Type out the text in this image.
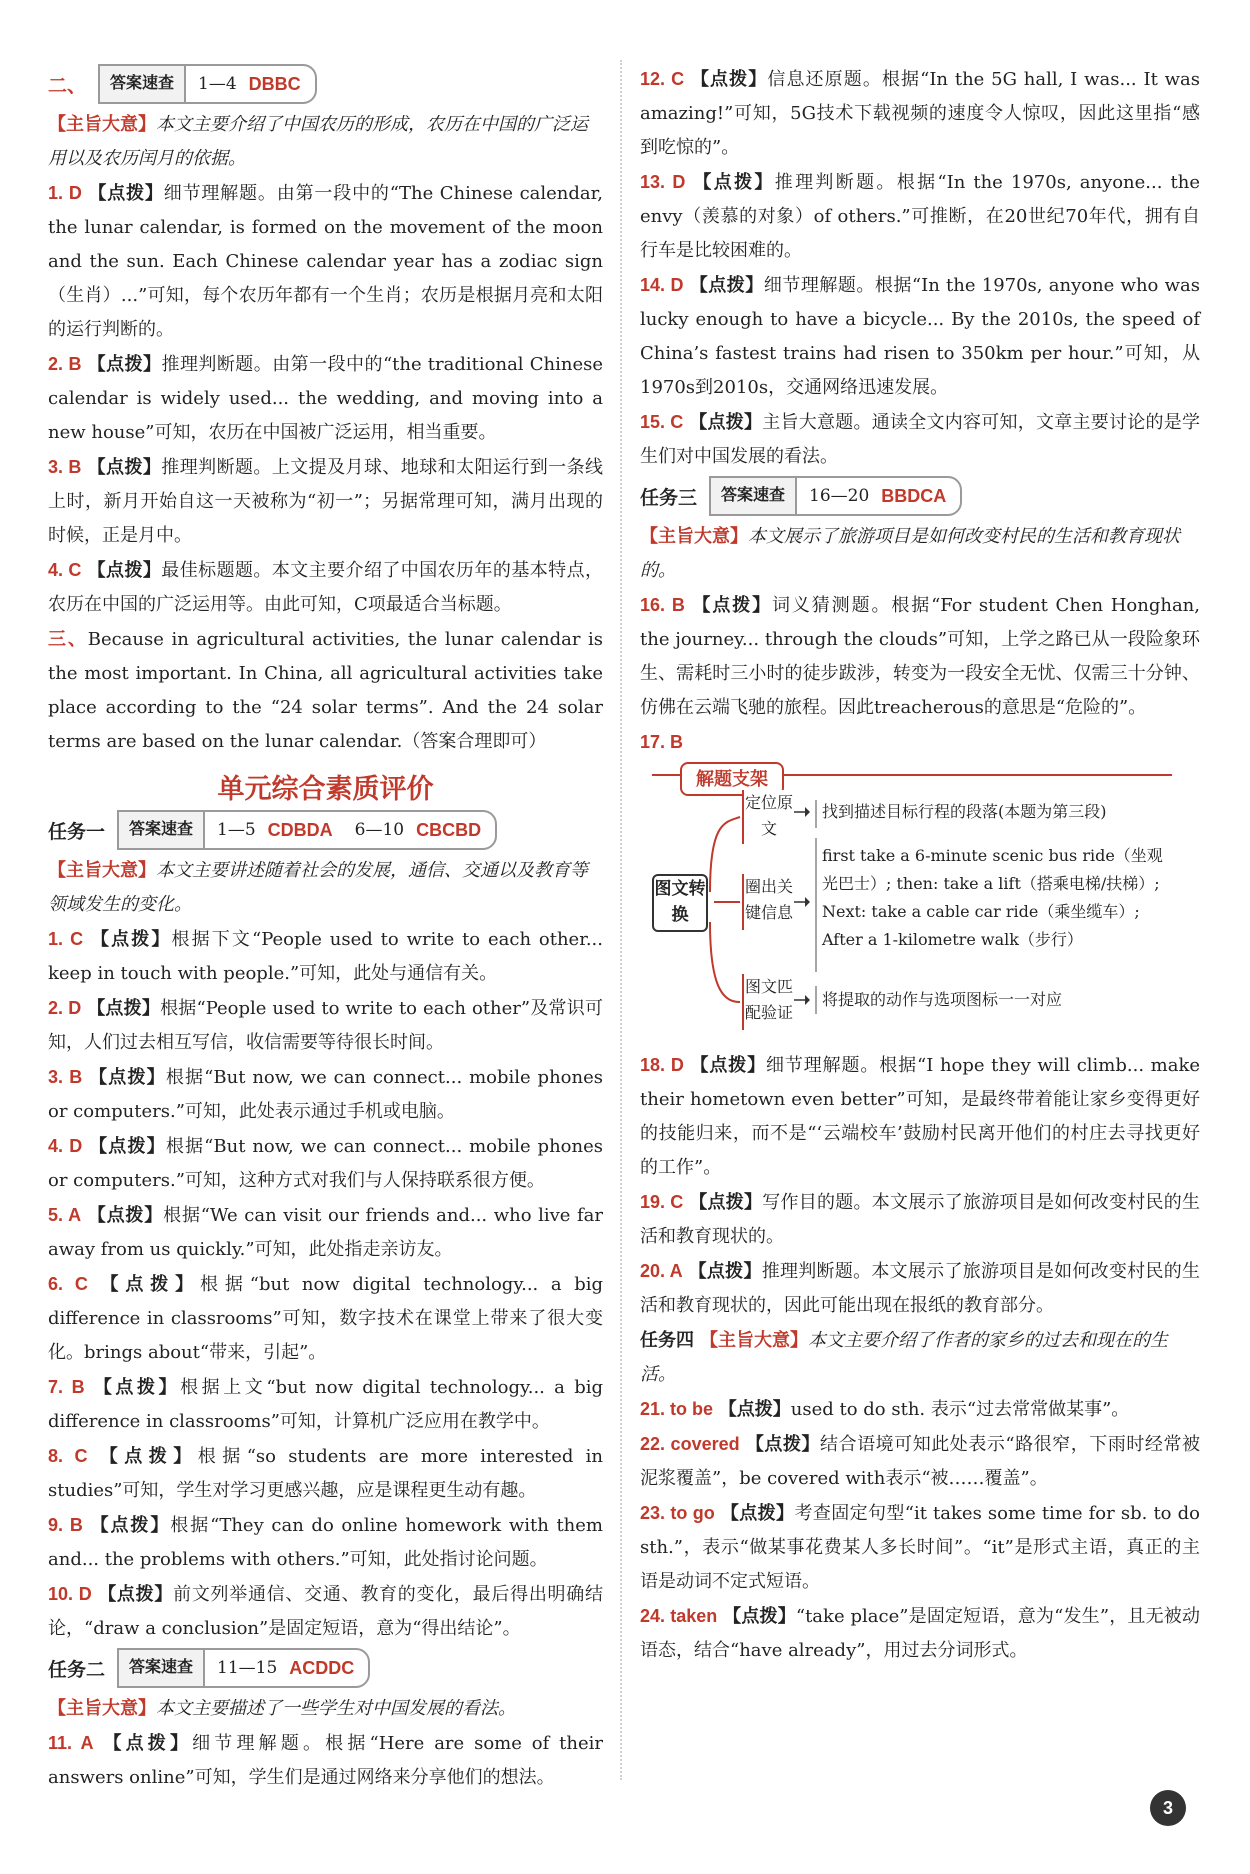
二、	答案速查	1—4 DBBC

【主旨大意】本文主要介绍了中国农历的形成，农历在中国的广泛运用以及农历闰月的依据。

1. D 【点拨】细节理解题。由第一段中的“The Chinese calendar, the lunar calendar, is formed on the movement of the moon and the sun. Each Chinese calendar year has a zodiac sign（生肖）...”可知，每个农历年都有一个生肖；农历是根据月亮和太阳的运行判断的。

2. B 【点拨】推理判断题。由第一段中的“the traditional Chinese calendar is widely used... the wedding, and moving into a new house”可知，农历在中国被广泛运用，相当重要。

3. B 【点拨】推理判断题。上文提及月球、地球和太阳运行到一条线上时，新月开始自这一天被称为“初一”；另据常理可知，满月出现的时候，正是月中。

4. C 【点拨】最佳标题题。本文主要介绍了中国农历年的基本特点，农历在中国的广泛运用等。由此可知，C项最适合当标题。

三、Because in agricultural activities, the lunar calendar is the most important. In China, all agricultural activities take place according to the “24 solar terms”. And the 24 solar terms are based on the lunar calendar.（答案合理即可）

单元综合素质评价
任务一	答案速查	1—5 CDBDA 6—10 CBCBD

【主旨大意】本文主要讲述随着社会的发展，通信、交通以及教育等领域发生的变化。

1. C 【点拨】根据下文“People used to write to each other... keep in touch with people.”可知，此处与通信有关。

2. D 【点拨】根据“People used to write to each other”及常识可知，人们过去相互写信，收信需要等待很长时间。

3. B 【点拨】根据“But now, we can connect... mobile phones or computers.”可知，此处表示通过手机或电脑。

4. D 【点拨】根据“But now, we can connect... mobile phones or computers.”可知，这种方式对我们与人保持联系很方便。

5. A 【点拨】根据“We can visit our friends and... who live far away from us quickly.”可知，此处指走亲访友。

6. C 【点拨】根据“but now digital technology... a big difference in classrooms”可知，数字技术在课堂上带来了很大变化。brings about“带来，引起”。

7. B 【点拨】根据上文“but now digital technology... a big difference in classrooms”可知，计算机广泛应用在教学中。

8. C 【点拨】根据“so students are more interested in studies”可知，学生对学习更感兴趣，应是课程更生动有趣。

9. B 【点拨】根据“They can do online homework with them and... the problems with others.”可知，此处指讨论问题。

10. D 【点拨】前文列举通信、交通、教育的变化，最后得出明确结论，“draw a conclusion”是固定短语，意为“得出结论”。

任务二	答案速查	11—15 ACDDC

【主旨大意】本文主要描述了一些学生对中国发展的看法。

11. A 【点拨】细节理解题。根据“Here are some of their answers online”可知，学生们是通过网络来分享他们的想法。

12. C 【点拨】信息还原题。根据“In the 5G hall, I was... It was amazing!”可知，5G技术下载视频的速度令人惊叹，因此这里指“感到吃惊的”。

13. D 【点拨】推理判断题。根据“In the 1970s, anyone... the envy（羡慕的对象）of others.”可推断，在20世纪70年代，拥有自行车是比较困难的。

14. D 【点拨】细节理解题。根据“In the 1970s, anyone who was lucky enough to have a bicycle... By the 2010s, the speed of China’s fastest trains had risen to 350km per hour.”可知，从1970s到2010s，交通网络迅速发展。

15. C 【点拨】主旨大意题。通读全文内容可知，文章主要讨论的是学生们对中国发展的看法。

任务三	答案速查	16—20 BBDCA

【主旨大意】本文展示了旅游项目是如何改变村民的生活和教育现状的。

16. B 【点拨】词义猜测题。根据“For student Chen Honghan, the journey... through the clouds”可知，上学之路已从一段险象环生、需耗时三小时的徒步跋涉，转变为一段安全无忧、仅需三十分钟、仿佛在云端飞驰的旅程。因此treacherous的意思是“危险的”。

17. B

解题支架
图文转换
定位原文
圈出关键信息
图文匹配验证
找到描述目标行程的段落(本题为第三段)
first take a 6-minute scenic bus ride（坐观光巴士）; then: take a lift（搭乘电梯/扶梯）; Next: take a cable car ride（乘坐缆车）; After a 1-kilometre walk（步行）
将提取的动作与选项图标一一对应

18. D 【点拨】细节理解题。根据“I hope they will climb... make their hometown even better”可知，是最终带着能让家乡变得更好的技能归来，而不是“‘云端校车’鼓励村民离开他们的村庄去寻找更好的工作”。

19. C 【点拨】写作目的题。本文展示了旅游项目是如何改变村民的生活和教育现状的。

20. A 【点拨】推理判断题。本文展示了旅游项目是如何改变村民的生活和教育现状的，因此可能出现在报纸的教育部分。

任务四 【主旨大意】本文主要介绍了作者的家乡的过去和现在的生活。

21. to be 【点拨】used to do sth. 表示“过去常常做某事”。

22. covered 【点拨】结合语境可知此处表示“路很窄，下雨时经常被泥浆覆盖”，be covered with表示“被……覆盖”。

23. to go 【点拨】考查固定句型“it takes some time for sb. to do sth.”，表示“做某事花费某人多长时间”。“it”是形式主语，真正的主语是动词不定式短语。

24. taken 【点拨】“take place”是固定短语，意为“发生”，且无被动语态，结合“have already”，用过去分词形式。

3
